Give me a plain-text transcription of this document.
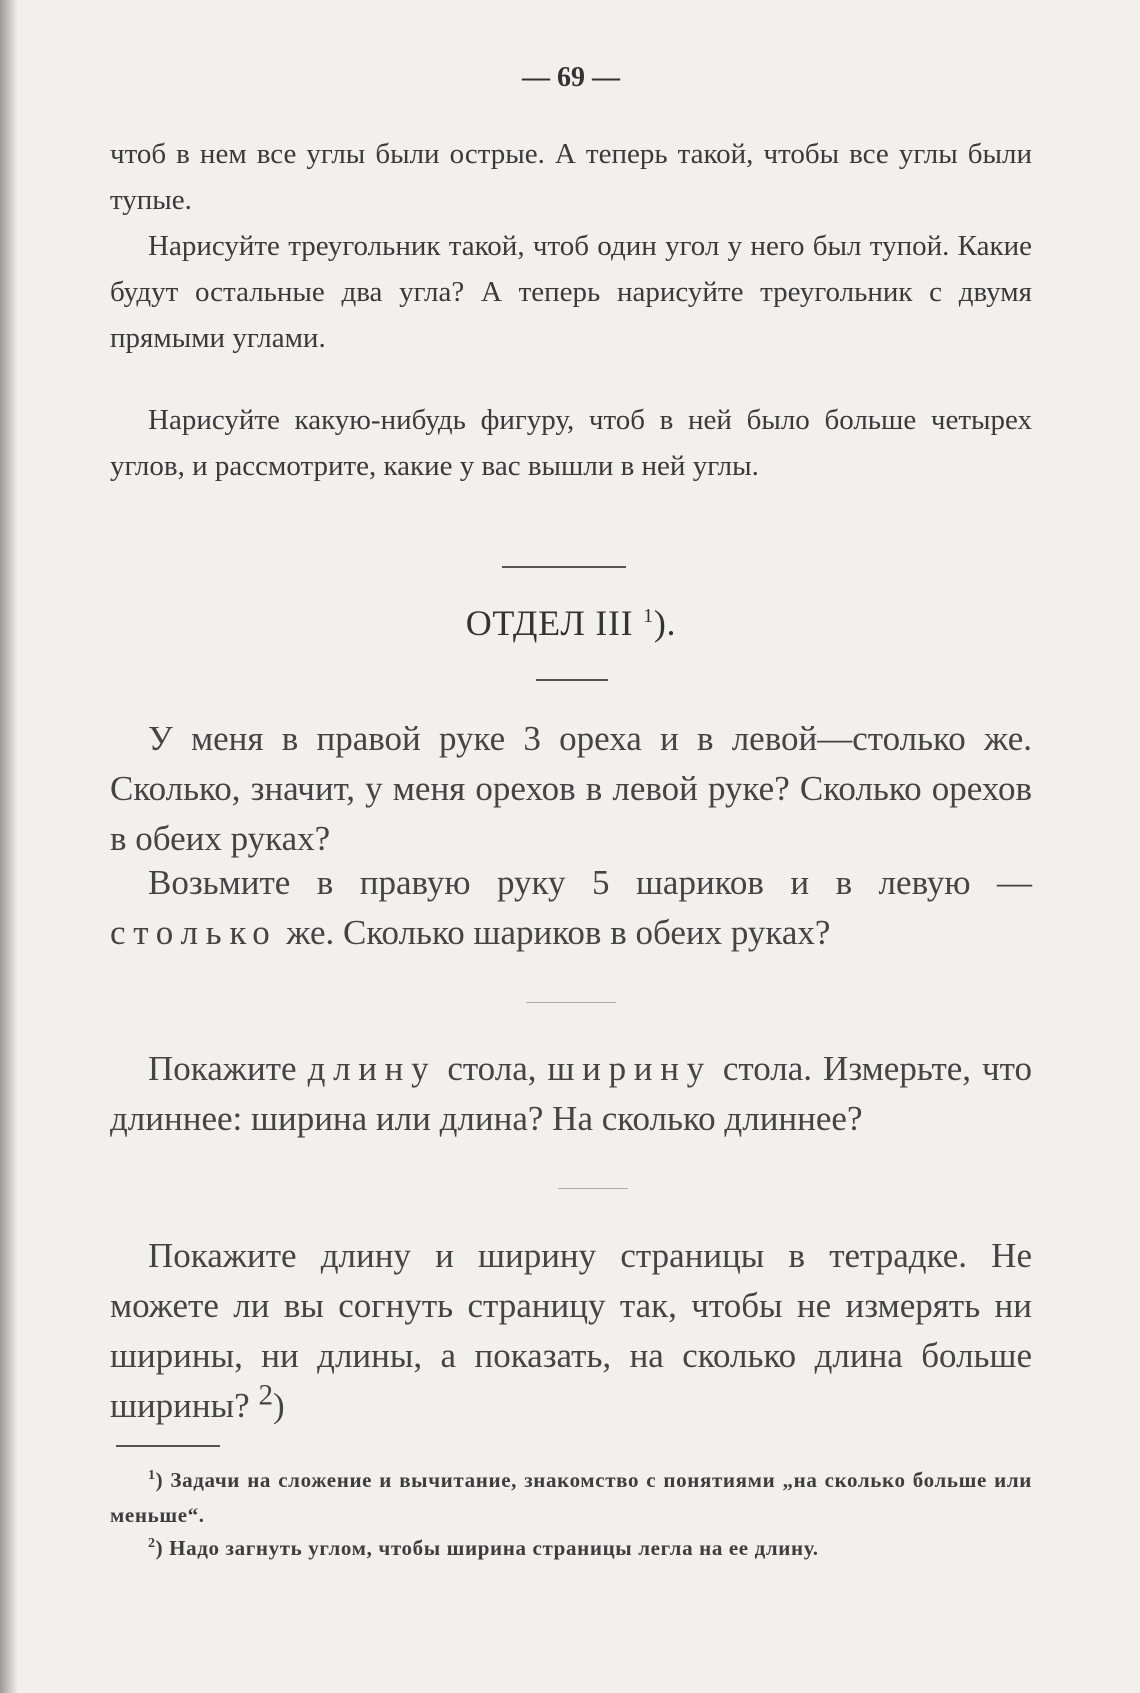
— 69 —

чтоб в нем все углы были острые. А теперь такой, чтобы все углы были тупые.

Нарисуйте треугольник такой, чтоб один угол у него был тупой. Какие будут остальные два угла? А теперь нарисуйте треугольник с двумя прямыми углами.

Нарисуйте какую-нибудь фигуру, чтоб в ней было больше четырех углов, и рассмотрите, какие у вас вышли в ней углы.

ОТДЕЛ III $^1$).

У меня в правой руке 3 ореха и в левой—столько же. Сколько, значит, у меня орехов в левой руке? Сколько орехов в обеих руках?

Возьмите в правую руку 5 шариков и в левую — столько же. Сколько шариков в обеих руках?

Покажите длину стола, ширину стола. Измерьте, что длиннее: ширина или длина? На сколько длиннее?

Покажите длину и ширину страницы в тетрадке. Не можете ли вы согнуть страницу так, чтобы не измерять ни ширины, ни длины, а показать, на сколько длина больше ширины? $^2$)

$^1$) Задачи на сложение и вычитание, знакомство с понятиями „на сколько больше или меньше“.

$^2$) Надо загнуть углом, чтобы ширина страницы легла на ее длину.
